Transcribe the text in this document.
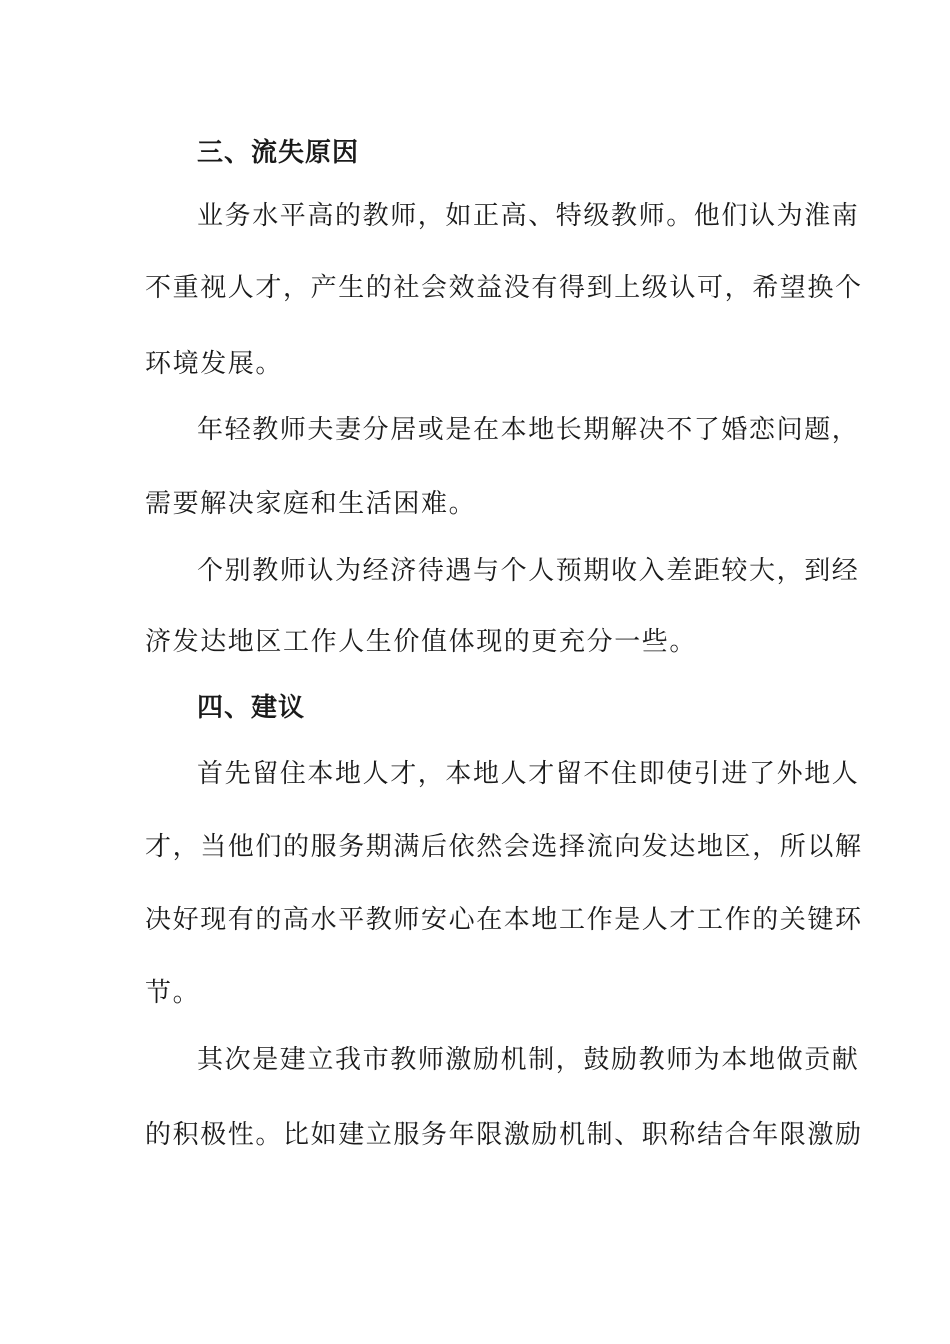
三、流失原因

业务水平高的教师，如正高、特级教师。他们认为淮南

不重视人才，产生的社会效益没有得到上级认可，希望换个

环境发展。

年轻教师夫妻分居或是在本地长期解决不了婚恋问题，

需要解决家庭和生活困难。

个别教师认为经济待遇与个人预期收入差距较大，到经

济发达地区工作人生价值体现的更充分一些。

四、建议

首先留住本地人才，本地人才留不住即使引进了外地人

才，当他们的服务期满后依然会选择流向发达地区，所以解

决好现有的高水平教师安心在本地工作是人才工作的关键环

节。

其次是建立我市教师激励机制，鼓励教师为本地做贡献

的积极性。比如建立服务年限激励机制、职称结合年限激励
